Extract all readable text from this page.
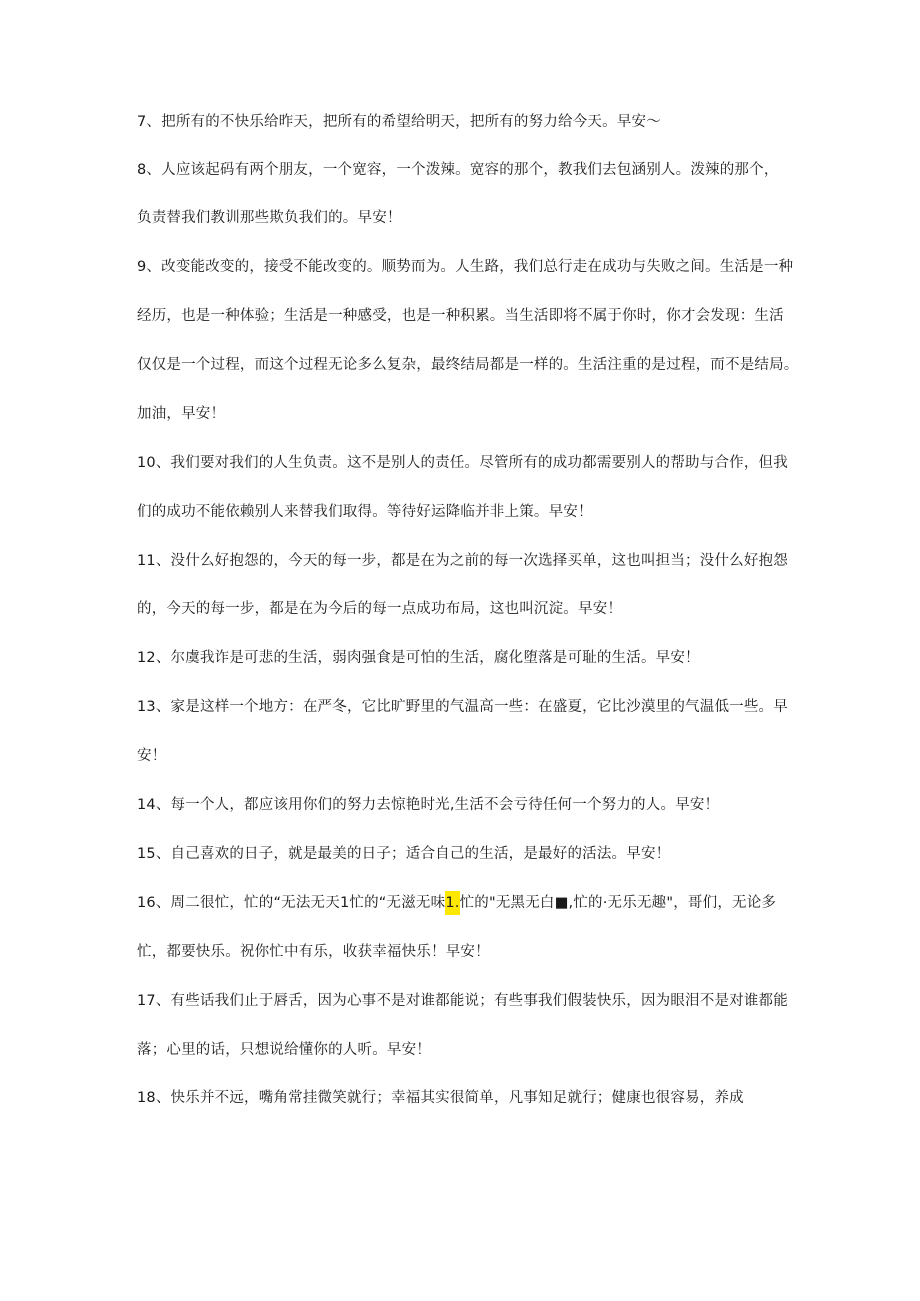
7、把所有的不快乐给昨天，把所有的希望给明天，把所有的努力给今天。早安〜
8、人应该起码有两个朋友，一个宽容，一个泼辣。宽容的那个，教我们去包涵别人。泼辣的那个，
负责替我们教训那些欺负我们的。早安！
9、改变能改变的，接受不能改变的。顺势而为。人生路，我们总行走在成功与失败之间。生活是一种
经历，也是一种体验；生活是一种感受，也是一种积累。当生活即将不属于你时，你才会发现：生活
仅仅是一个过程，而这个过程无论多么复杂，最终结局都是一样的。生活注重的是过程，而不是结局。
加油，早安！
10、我们要对我们的人生负责。这不是别人的责任。尽管所有的成功都需要别人的帮助与合作，但我
们的成功不能依赖别人来替我们取得。等待好运降临并非上策。早安！
11、没什么好抱怨的，今天的每一步，都是在为之前的每一次选择买单，这也叫担当；没什么好抱怨
的，今天的每一步，都是在为今后的每一点成功布局，这也叫沉淀。早安！
12、尔虞我诈是可悲的生活，弱肉强食是可怕的生活，腐化堕落是可耻的生活。早安！
13、家是这样一个地方：在严冬，它比旷野里的气温高一些：在盛夏，它比沙漠里的气温低一些。早
安！
14、每一个人，都应该用你们的努力去惊艳时光,生活不会亏待任何一个努力的人。早安！
15、自己喜欢的日子，就是最美的日子；适合自己的生活，是最好的活法。早安！
16、周二很忙，忙的“无法无天1忙的“无滋无味1.忙的"无黑无白■,忙的·无乐无趣"，哥们，无论多
忙，都要快乐。祝你忙中有乐，收获幸福快乐！早安！
17、有些话我们止于唇舌，因为心事不是对谁都能说；有些事我们假装快乐，因为眼泪不是对谁都能
落；心里的话，只想说给懂你的人听。早安！
18、快乐并不远，嘴角常挂微笑就行；幸福其实很简单，凡事知足就行；健康也很容易，养成
